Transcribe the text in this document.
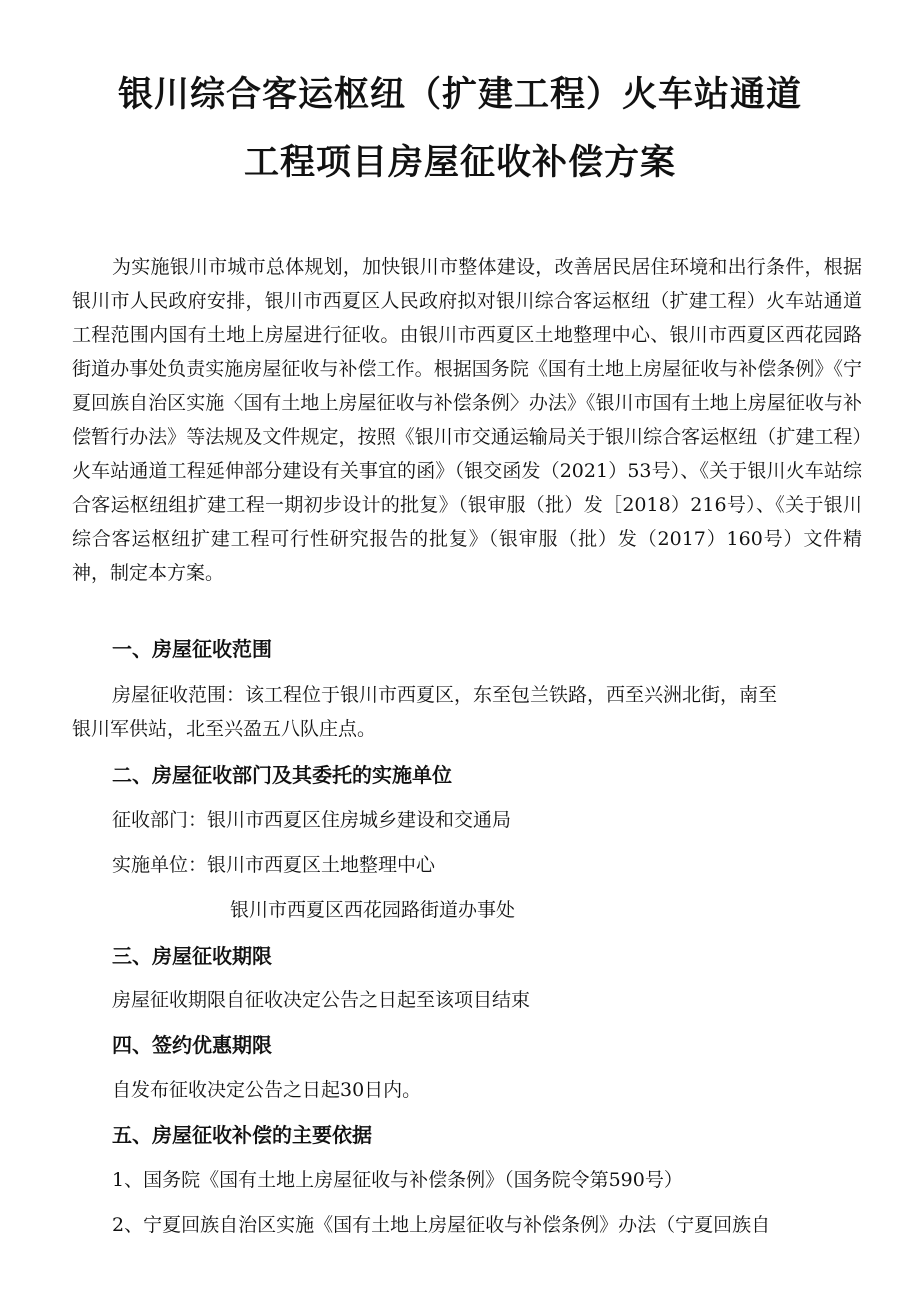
银川综合客运枢纽（扩建工程）火车站通道
工程项目房屋征收补偿方案
为实施银川市城市总体规划，加快银川市整体建设，改善居民居住环境和出行条件，根据银川市人民政府安排，银川市西夏区人民政府拟对银川综合客运枢纽（扩建工程）火车站通道工程范围内国有土地上房屋进行征收。由银川市西夏区土地整理中心、银川市西夏区西花园路街道办事处负责实施房屋征收与补偿工作。根据国务院《国有土地上房屋征收与补偿条例》《宁夏回族自治区实施〈国有土地上房屋征收与补偿条例〉办法》《银川市国有土地上房屋征收与补偿暂行办法》等法规及文件规定，按照《银川市交通运输局关于银川综合客运枢纽（扩建工程）火车站通道工程延伸部分建设有关事宜的函》（银交函发（2021）53号）、《关于银川火车站综合客运枢纽组扩建工程一期初步设计的批复》（银审服（批）发［2018）216号）、《关于银川综合客运枢纽扩建工程可行性研究报告的批复》（银审服（批）发（2017）160号）文件精神，制定本方案。
一、房屋征收范围
房屋征收范围：该工程位于银川市西夏区，东至包兰铁路，西至兴洲北街，南至
银川军供站，北至兴盈五八队庄点。
二、房屋征收部门及其委托的实施单位
征收部门：银川市西夏区住房城乡建设和交通局
实施单位：银川市西夏区土地整理中心
银川市西夏区西花园路街道办事处
三、房屋征收期限
房屋征收期限自征收决定公告之日起至该项目结束
四、签约优惠期限
自发布征收决定公告之日起30日内。
五、房屋征收补偿的主要依据
1、国务院《国有土地上房屋征收与补偿条例》（国务院令第590号）
2、宁夏回族自治区实施《国有土地上房屋征收与补偿条例》办法（宁夏回族自
